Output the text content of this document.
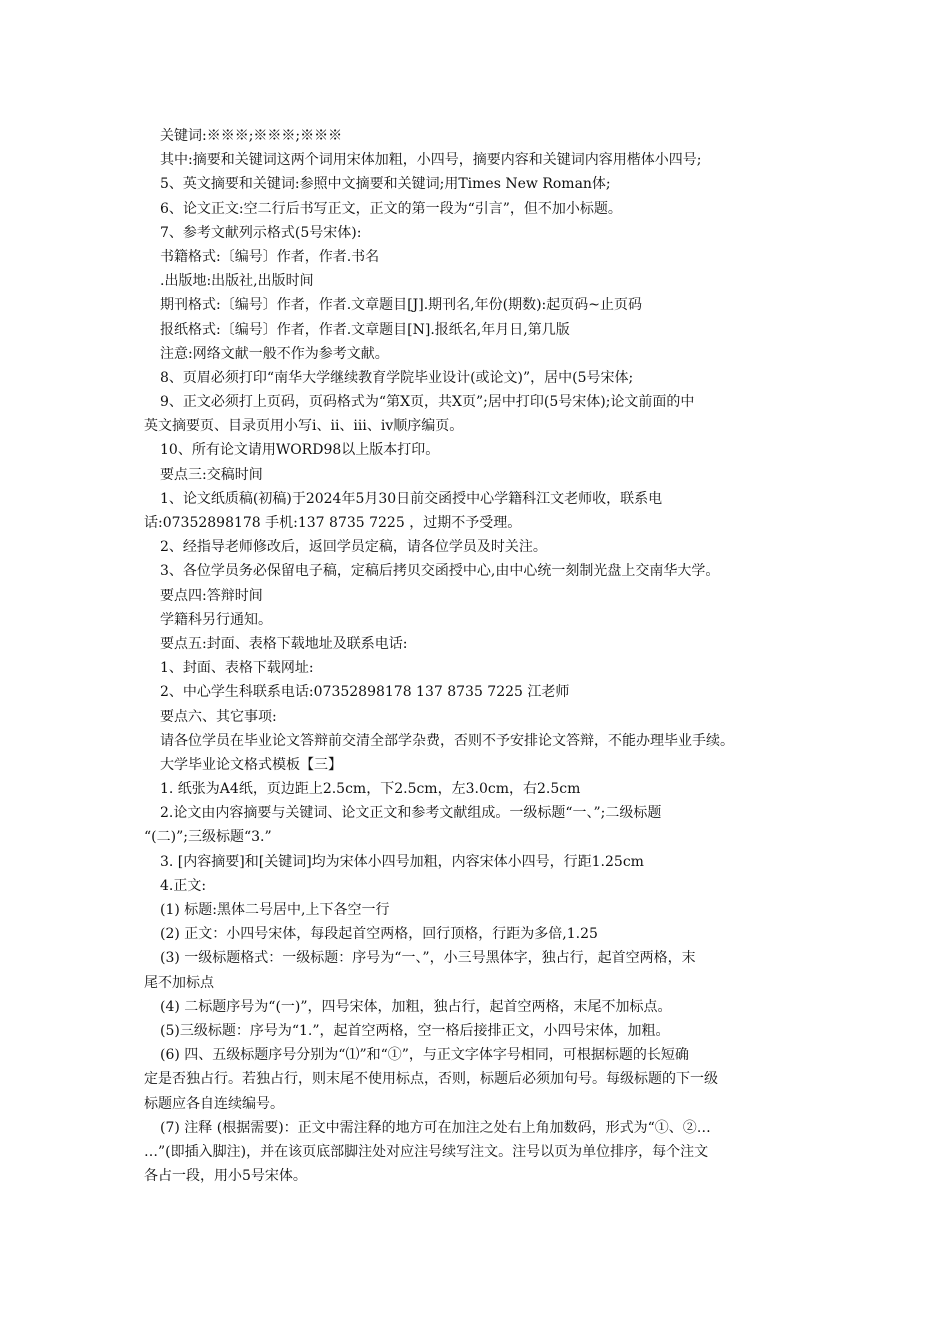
关键词:※※※;※※※;※※※
其中:摘要和关键词这两个词用宋体加粗，小四号，摘要内容和关键词内容用楷体小四号;
5、英文摘要和关键词:参照中文摘要和关键词;用Times New Roman体;
6、论文正文:空二行后书写正文，正文的第一段为“引言”，但不加小标题。
7、参考文献列示格式(5号宋体):
书籍格式:〔编号〕作者，作者.书名
.出版地:出版社,出版时间
期刊格式:〔编号〕作者，作者.文章题目[J].期刊名,年份(期数):起页码~止页码
报纸格式:〔编号〕作者，作者.文章题目[N].报纸名,年月日,第几版
注意:网络文献一般不作为参考文献。
8、页眉必须打印“南华大学继续教育学院毕业设计(或论文)”，居中(5号宋体;
9、正文必须打上页码，页码格式为“第X页，共X页”;居中打印(5号宋体);论文前面的中
英文摘要页、目录页用小写ⅰ、ⅱ、ⅲ、ⅳ顺序编页。
10、所有论文请用WORD98以上版本打印。
要点三:交稿时间
1、论文纸质稿(初稿)于2024年5月30日前交函授中心学籍科江文老师收，联系电
话:07352898178 手机:137 8735 7225 ，过期不予受理。
2、经指导老师修改后，返回学员定稿，请各位学员及时关注。
3、各位学员务必保留电子稿，定稿后拷贝交函授中心,由中心统一刻制光盘上交南华大学。
要点四:答辩时间
学籍科另行通知。
要点五:封面、表格下载地址及联系电话:
1、封面、表格下载网址:
2、中心学生科联系电话:07352898178 137 8735 7225 江老师
要点六、其它事项:
请各位学员在毕业论文答辩前交清全部学杂费，否则不予安排论文答辩，不能办理毕业手续。
大学毕业论文格式模板【三】
1. 纸张为A4纸，页边距上2.5cm，下2.5cm，左3.0cm，右2.5cm
2.论文由内容摘要与关键词、论文正文和参考文献组成。一级标题“一、”;二级标题
“(二)”;三级标题“3.”
3. [内容摘要]和[关键词]均为宋体小四号加粗，内容宋体小四号，行距1.25cm
4.正文:
(1) 标题:黑体二号居中,上下各空一行
(2) 正文：小四号宋体，每段起首空两格，回行顶格，行距为多倍,1.25
(3) 一级标题格式：一级标题：序号为“一、”，小三号黑体字，独占行，起首空两格，末
尾不加标点
(4) 二标题序号为“(一)”，四号宋体，加粗，独占行，起首空两格，末尾不加标点。
(5)三级标题：序号为“1.”，起首空两格，空一格后接排正文，小四号宋体，加粗。
(6) 四、五级标题序号分别为“⑴”和“①”，与正文字体字号相同，可根据标题的长短确
定是否独占行。若独占行，则末尾不使用标点，否则，标题后必须加句号。每级标题的下一级
标题应各自连续编号。
(7) 注释 (根据需要)：正文中需注释的地方可在加注之处右上角加数码，形式为“①、②…
…”(即插入脚注)，并在该页底部脚注处对应注号续写注文。注号以页为单位排序，每个注文
各占一段，用小5号宋体。
